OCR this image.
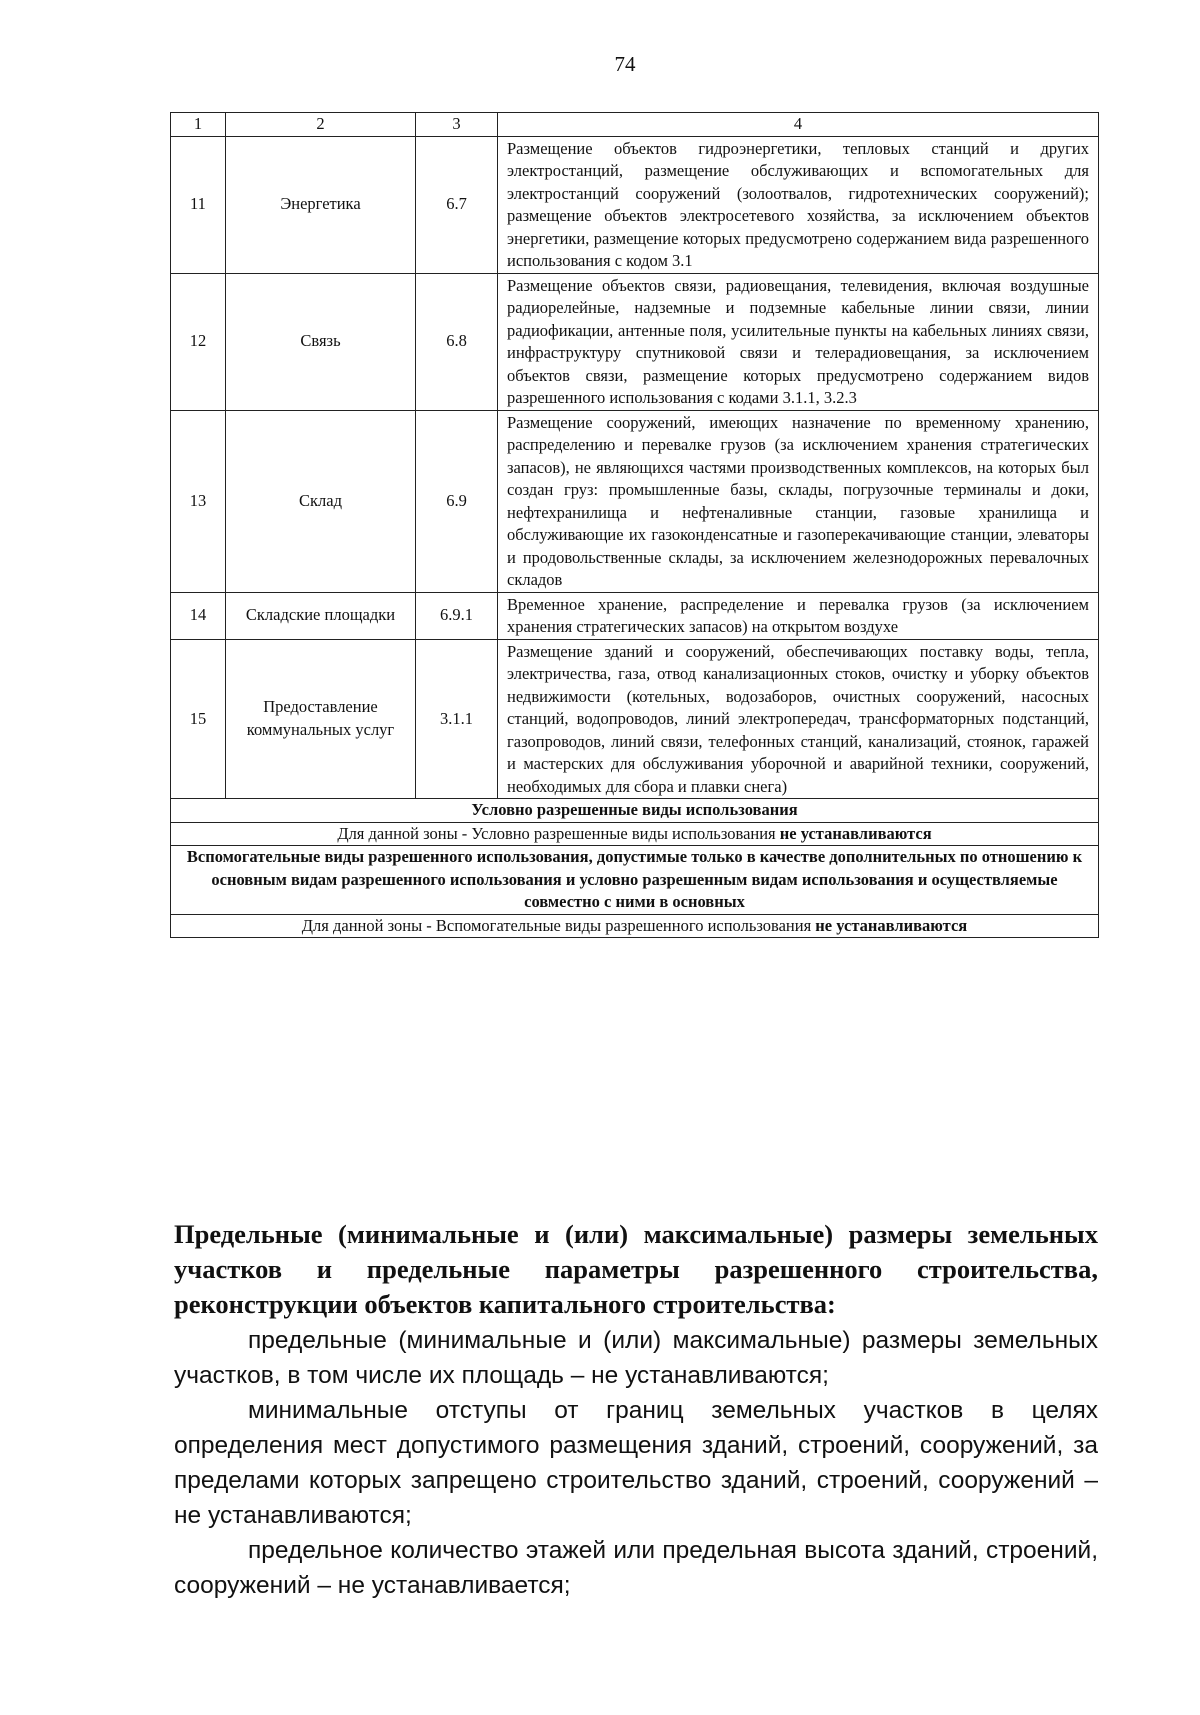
74
1	2	3	4
11	Энергетика	6.7	Размещение объектов гидроэнергетики, тепловых станций и других электростанций, размещение обслуживающих и вспомогательных для электростанций сооружений (золоотвалов, гидротехнических сооружений); размещение объектов электросетевого хозяйства, за исключением объектов энергетики, размещение которых предусмотрено содержанием вида разрешенного использования с кодом 3.1
12	Связь	6.8	Размещение объектов связи, радиовещания, телевидения, включая воздушные радиорелейные, надземные и подземные кабельные линии связи, линии радиофикации, антенные поля, усилительные пункты на кабельных линиях связи, инфраструктуру спутниковой связи и телерадиовещания, за исключением объектов связи, размещение которых предусмотрено содержанием видов разрешенного использования с кодами 3.1.1, 3.2.3
13	Склад	6.9	Размещение сооружений, имеющих назначение по временному хранению, распределению и перевалке грузов (за исключением хранения стратегических запасов), не являющихся частями производственных комплексов, на которых был создан груз: промышленные базы, склады, погрузочные терминалы и доки, нефтехранилища и нефтеналивные станции, газовые хранилища и обслуживающие их газоконденсатные и газоперекачивающие станции, элеваторы и продовольственные склады, за исключением железнодорожных перевалочных складов
14	Складские площадки	6.9.1	Временное хранение, распределение и перевалка грузов (за исключением хранения стратегических запасов) на открытом воздухе
15	Предоставление коммунальных услуг	3.1.1	Размещение зданий и сооружений, обеспечивающих поставку воды, тепла, электричества, газа, отвод канализационных стоков, очистку и уборку объектов недвижимости (котельных, водозаборов, очистных сооружений, насосных станций, водопроводов, линий электропередач, трансформаторных подстанций, газопроводов, линий связи, телефонных станций, канализаций, стоянок, гаражей и мастерских для обслуживания уборочной и аварийной техники, сооружений, необходимых для сбора и плавки снега)
Условно разрешенные виды использования			
Для данной зоны - Условно разрешенные виды использования не устанавливаются			
Вспомогательные виды разрешенного использования, допустимые только в качестве дополнительных по отношению к основным видам разрешенного использования и условно разрешенным видам использования и осуществляемые совместно с ними в основных			
Для данной зоны - Вспомогательные виды разрешенного использования не устанавливаются			
Предельные (минимальные и (или) максимальные) размеры земельных участков и предельные параметры разрешенного строительства, реконструкции объектов капитального строительства:

предельные (минимальные и (или) максимальные) размеры земельных участков, в том числе их площадь – не устанавливаются;

минимальные отступы от границ земельных участков в целях определения мест допустимого размещения зданий, строений, сооружений, за пределами которых запрещено строительство зданий, строений, сооружений – не устанавливаются;

предельное количество этажей или предельная высота зданий, строений, сооружений – не устанавливается;
